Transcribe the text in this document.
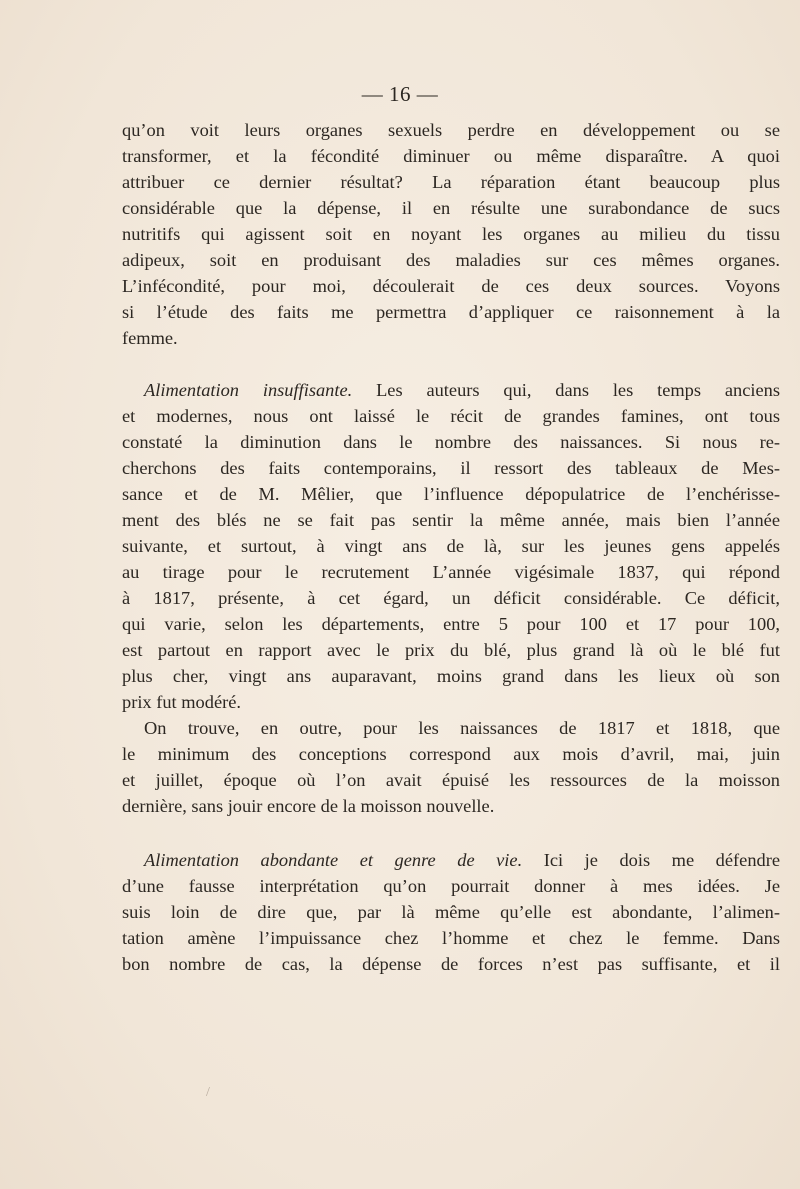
— 16 —
qu’on voit leurs organes sexuels perdre en développement ou se
transformer, et la fécondité diminuer ou même disparaître. A quoi
attribuer ce dernier résultat? La réparation étant beaucoup plus
considérable que la dépense, il en résulte une surabondance de sucs
nutritifs qui agissent soit en noyant les organes au milieu du tissu
adipeux, soit en produisant des maladies sur ces mêmes organes.
L’infécondité, pour moi, découlerait de ces deux sources. Voyons
si l’étude des faits me permettra d’appliquer ce raisonnement à la
femme.
Alimentation insuffisante. Les auteurs qui, dans les temps anciens
et modernes, nous ont laissé le récit de grandes famines, ont tous
constaté la diminution dans le nombre des naissances. Si nous re-
cherchons des faits contemporains, il ressort des tableaux de Mes-
sance et de M. Mêlier, que l’influence dépopulatrice de l’enchérisse-
ment des blés ne se fait pas sentir la même année, mais bien l’année
suivante, et surtout, à vingt ans de là, sur les jeunes gens appelés
au tirage pour le recrutement L’année vigésimale 1837, qui répond
à 1817, présente, à cet égard, un déficit considérable. Ce déficit,
qui varie, selon les départements, entre 5 pour 100 et 17 pour 100,
est partout en rapport avec le prix du blé, plus grand là où le blé fut
plus cher, vingt ans auparavant, moins grand dans les lieux où son
prix fut modéré.
On trouve, en outre, pour les naissances de 1817 et 1818, que
le minimum des conceptions correspond aux mois d’avril, mai, juin
et juillet, époque où l’on avait épuisé les ressources de la moisson
dernière, sans jouir encore de la moisson nouvelle.
Alimentation abondante et genre de vie. Ici je dois me défendre
d’une fausse interprétation qu’on pourrait donner à mes idées. Je
suis loin de dire que, par là même qu’elle est abondante, l’alimen-
tation amène l’impuissance chez l’homme et chez le femme. Dans
bon nombre de cas, la dépense de forces n’est pas suffisante, et il
/
